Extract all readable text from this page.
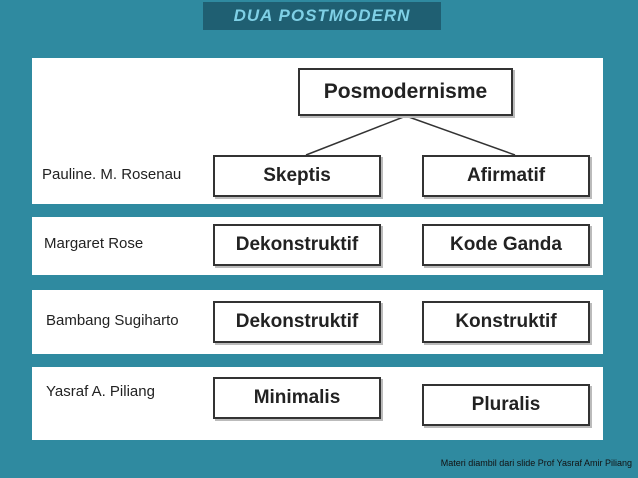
DUA POSTMODERN
Posmodernisme
Pauline. M. Rosenau	Skeptis	Afirmatif
Margaret Rose	Dekonstruktif	Kode Ganda
Bambang Sugiharto	Dekonstruktif	Konstruktif
Yasraf A. Piliang	Minimalis	Pluralis
Materi diambil dari slide Prof Yasraf Amir Piliang
